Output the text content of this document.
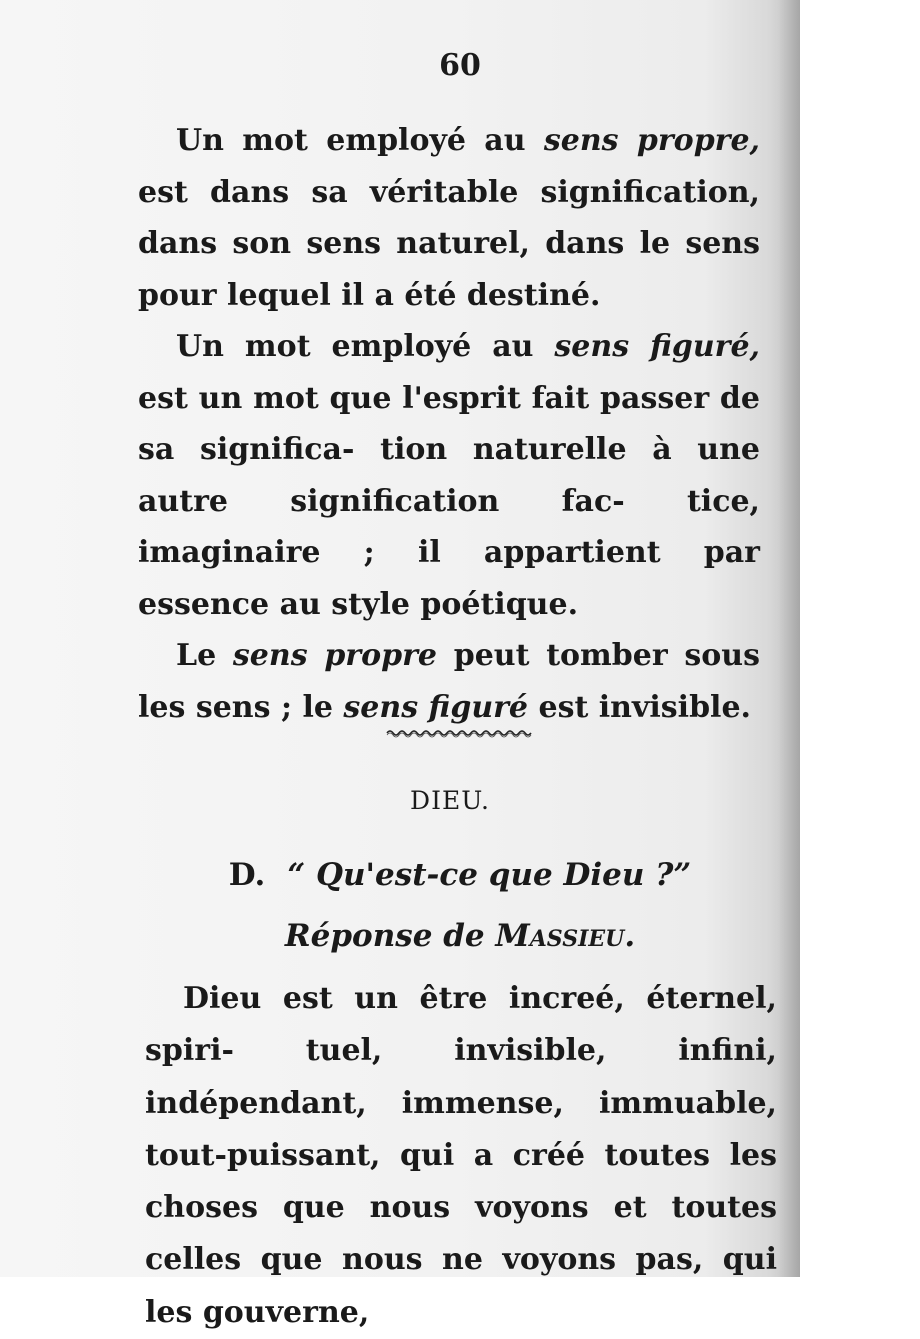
60

Un mot employé au sens propre, est dans sa véritable signification, dans son sens naturel, dans le sens pour lequel il a été destiné.

Un mot employé au sens figuré, est un mot que l'esprit fait passer de sa significa- tion naturelle à une autre signification fac- tice, imaginaire ; il appartient par essence au style poétique.

Le sens propre peut tomber sous les sens ; le sens figuré est invisible.

DIEU.
D. “ Qu'est-ce que Dieu ?”
Réponse de Massieu.

Dieu est un être increé, éternel, spiri- tuel, invisible, infini, indépendant, immense, immuable, tout-puissant, qui a créé toutes les choses que nous voyons et toutes celles que nous ne voyons pas, qui les gouverne,
